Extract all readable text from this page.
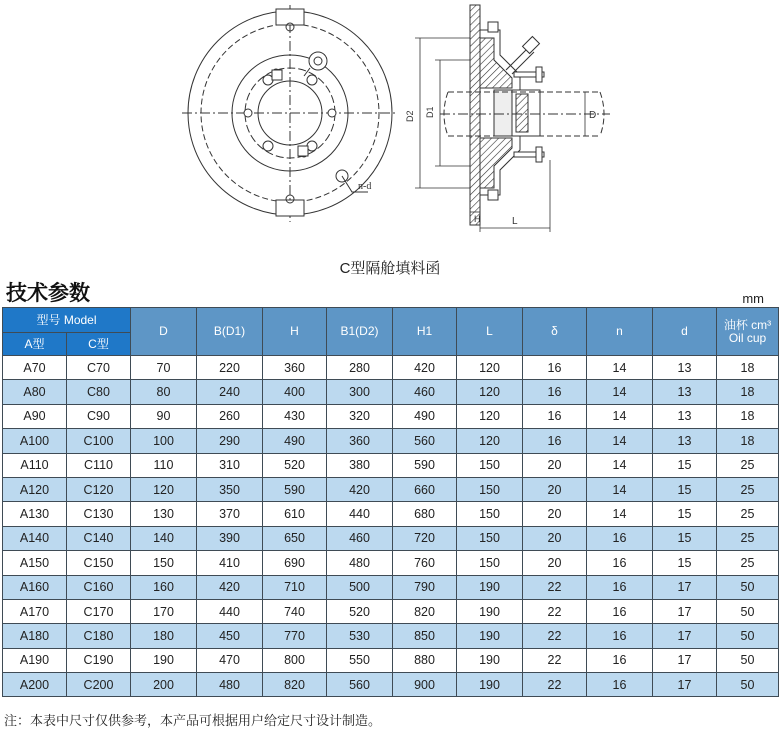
n-d
D2 D1	D
H	L
C型隔舱填料函
技术参数	mm
型号 Model		D	B(D1)	H	B1(D2)	H1	L	δ	n	d	油杯 cm³
Oil cup

A型	C型										
A70	C70	70	220	360	280	420	120	16	14	13	18
A80	C80	80	240	400	300	460	120	16	14	13	18
A90	C90	90	260	430	320	490	120	16	14	13	18
A100	C100	100	290	490	360	560	120	16	14	13	18
A110	C110	110	310	520	380	590	150	20	14	15	25
A120	C120	120	350	590	420	660	150	20	14	15	25
A130	C130	130	370	610	440	680	150	20	14	15	25
A140	C140	140	390	650	460	720	150	20	16	15	25
A150	C150	150	410	690	480	760	150	20	16	15	25
A160	C160	160	420	710	500	790	190	22	16	17	50
A170	C170	170	440	740	520	820	190	22	16	17	50
A180	C180	180	450	770	530	850	190	22	16	17	50
A190	C190	190	470	800	550	880	190	22	16	17	50
A200	C200	200	480	820	560	900	190	22	16	17	50
注：本表中尺寸仅供参考，本产品可根据用户给定尺寸设计制造。
